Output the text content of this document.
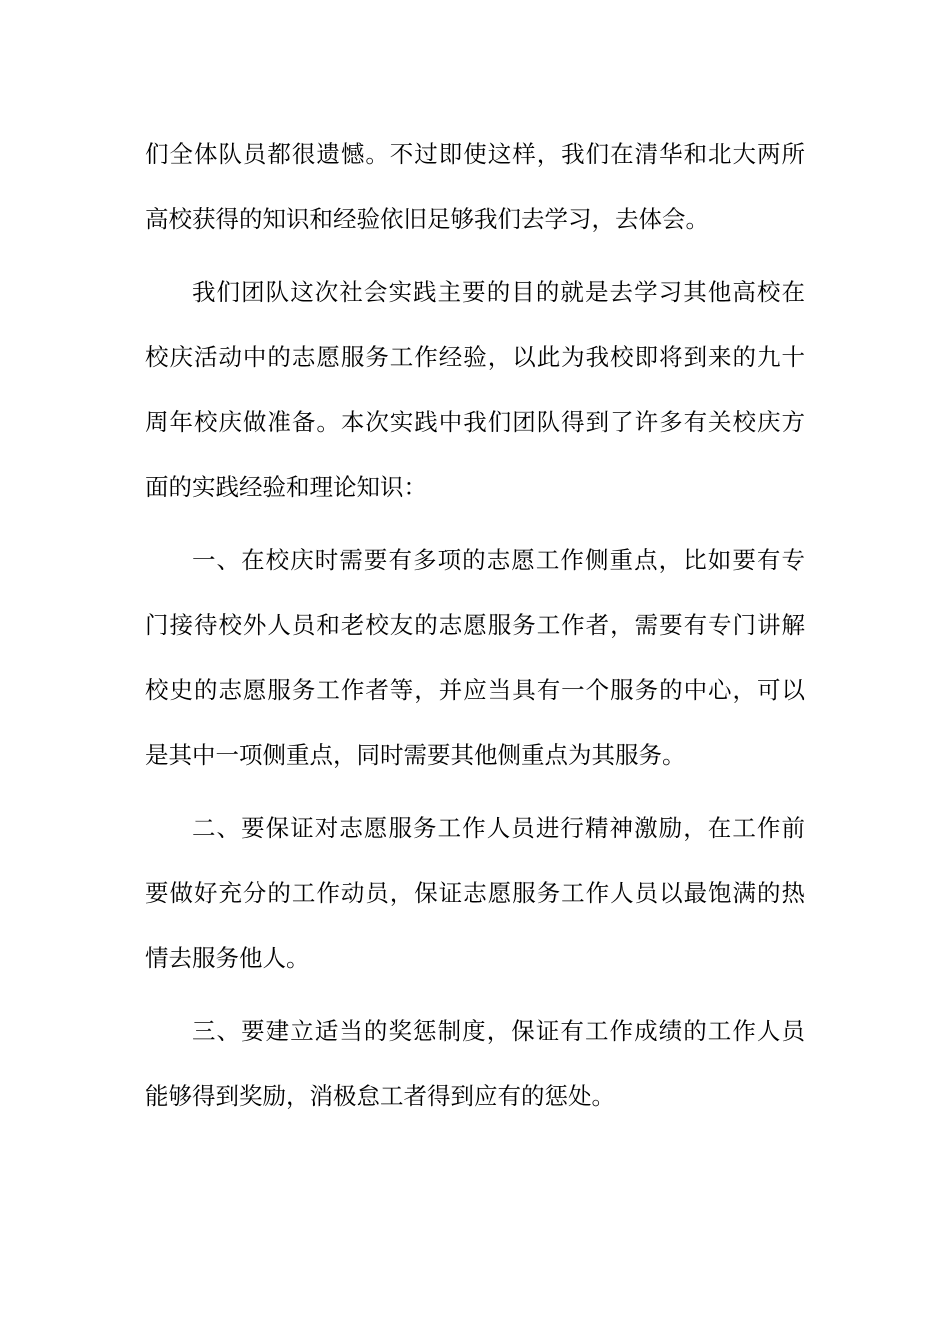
们全体队员都很遗憾。不过即使这样，我们在清华和北大两所
高校获得的知识和经验依旧足够我们去学习，去体会。
我们团队这次社会实践主要的目的就是去学习其他高校在
校庆活动中的志愿服务工作经验，以此为我校即将到来的九十
周年校庆做准备。本次实践中我们团队得到了许多有关校庆方
面的实践经验和理论知识：
一、在校庆时需要有多项的志愿工作侧重点，比如要有专
门接待校外人员和老校友的志愿服务工作者，需要有专门讲解
校史的志愿服务工作者等，并应当具有一个服务的中心，可以
是其中一项侧重点，同时需要其他侧重点为其服务。
二、要保证对志愿服务工作人员进行精神激励，在工作前
要做好充分的工作动员，保证志愿服务工作人员以最饱满的热
情去服务他人。
三、要建立适当的奖惩制度，保证有工作成绩的工作人员
能够得到奖励，消极怠工者得到应有的惩处。
